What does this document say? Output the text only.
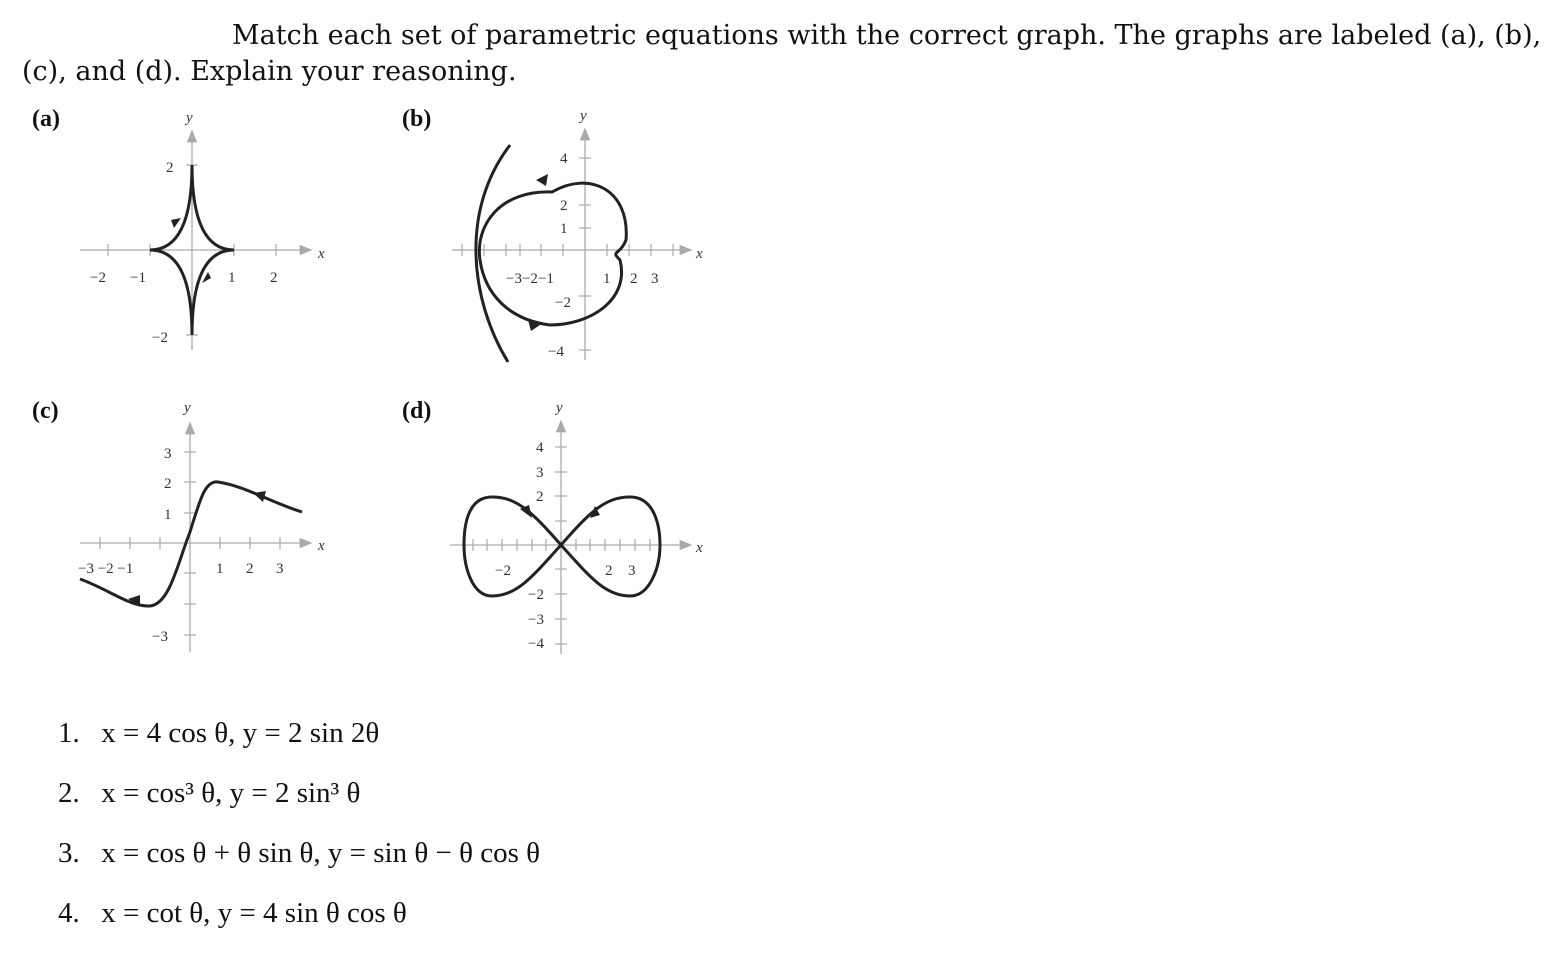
Match each set of parametric equations with the correct graph. The graphs are labeled (a), (b), (c), and (d). Explain your reasoning.

(a)
−2 −1	1 2
2
−2
x
y	(b)
−3−2−1	1 2 3
4
2
1
−2
−4
x
y
(c)
−3 −2 −1	1 2 3
3
2
1
−3
x
y	(d)
−2	2 3
4
3
2
−2
−3
−4
x
y
1. x = 4 cos θ, y = 2 sin 2θ
2. x = cos³ θ, y = 2 sin³ θ
3. x = cos θ + θ sin θ, y = sin θ − θ cos θ
4. x = cot θ, y = 4 sin θ cos θ
